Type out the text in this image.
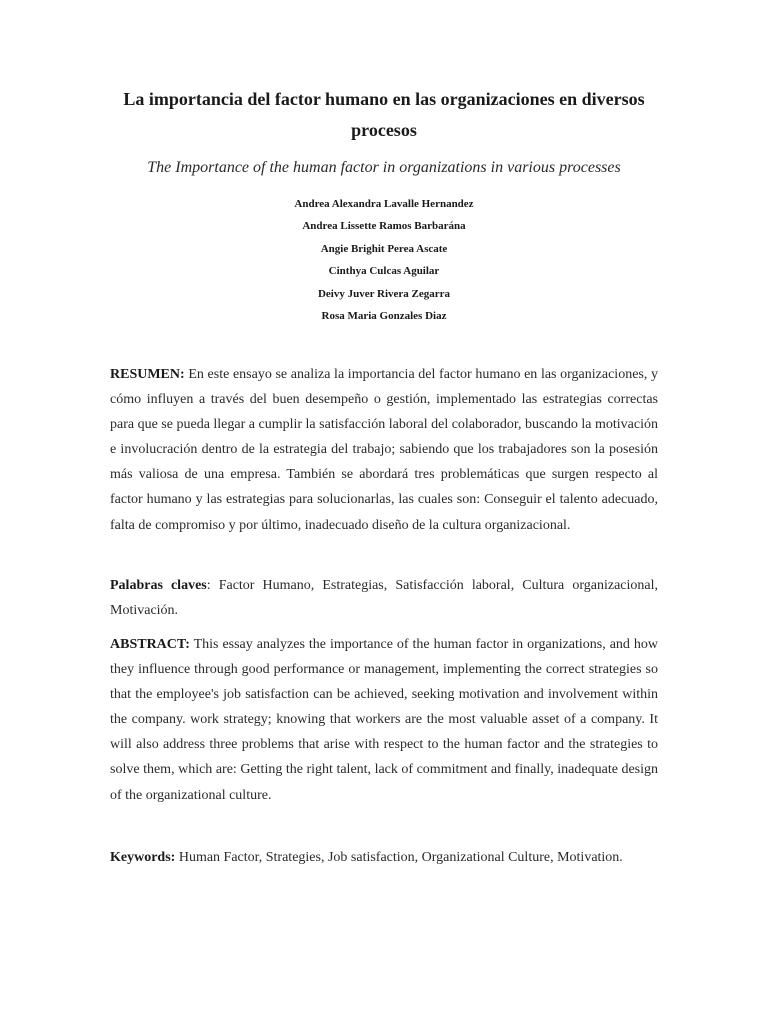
La importancia del factor humano en las organizaciones en diversos procesos
The Importance of the human factor in organizations in various processes
Andrea Alexandra Lavalle Hernandez
Andrea Lissette Ramos Barbarána
Angie Brighit Perea Ascate
Cinthya Culcas Aguilar
Deivy Juver Rivera Zegarra
Rosa Maria Gonzales Diaz

RESUMEN: En este ensayo se analiza la importancia del factor humano en las organizaciones, y cómo influyen a través del buen desempeño o gestión, implementado las estrategias correctas para que se pueda llegar a cumplir la satisfacción laboral del colaborador, buscando la motivación e involucración dentro de la estrategia del trabajo; sabiendo que los trabajadores son la posesión más valiosa de una empresa. También se abordará tres problemáticas que surgen respecto al factor humano y las estrategias para solucionarlas, las cuales son: Conseguir el talento adecuado, falta de compromiso y por último, inadecuado diseño de la cultura organizacional.

Palabras claves: Factor Humano, Estrategias, Satisfacción laboral, Cultura organizacional, Motivación.

ABSTRACT: This essay analyzes the importance of the human factor in organizations, and how they influence through good performance or management, implementing the correct strategies so that the employee's job satisfaction can be achieved, seeking motivation and involvement within the company. work strategy; knowing that workers are the most valuable asset of a company. It will also address three problems that arise with respect to the human factor and the strategies to solve them, which are: Getting the right talent, lack of commitment and finally, inadequate design of the organizational culture.

Keywords: Human Factor, Strategies, Job satisfaction, Organizational Culture, Motivation.
